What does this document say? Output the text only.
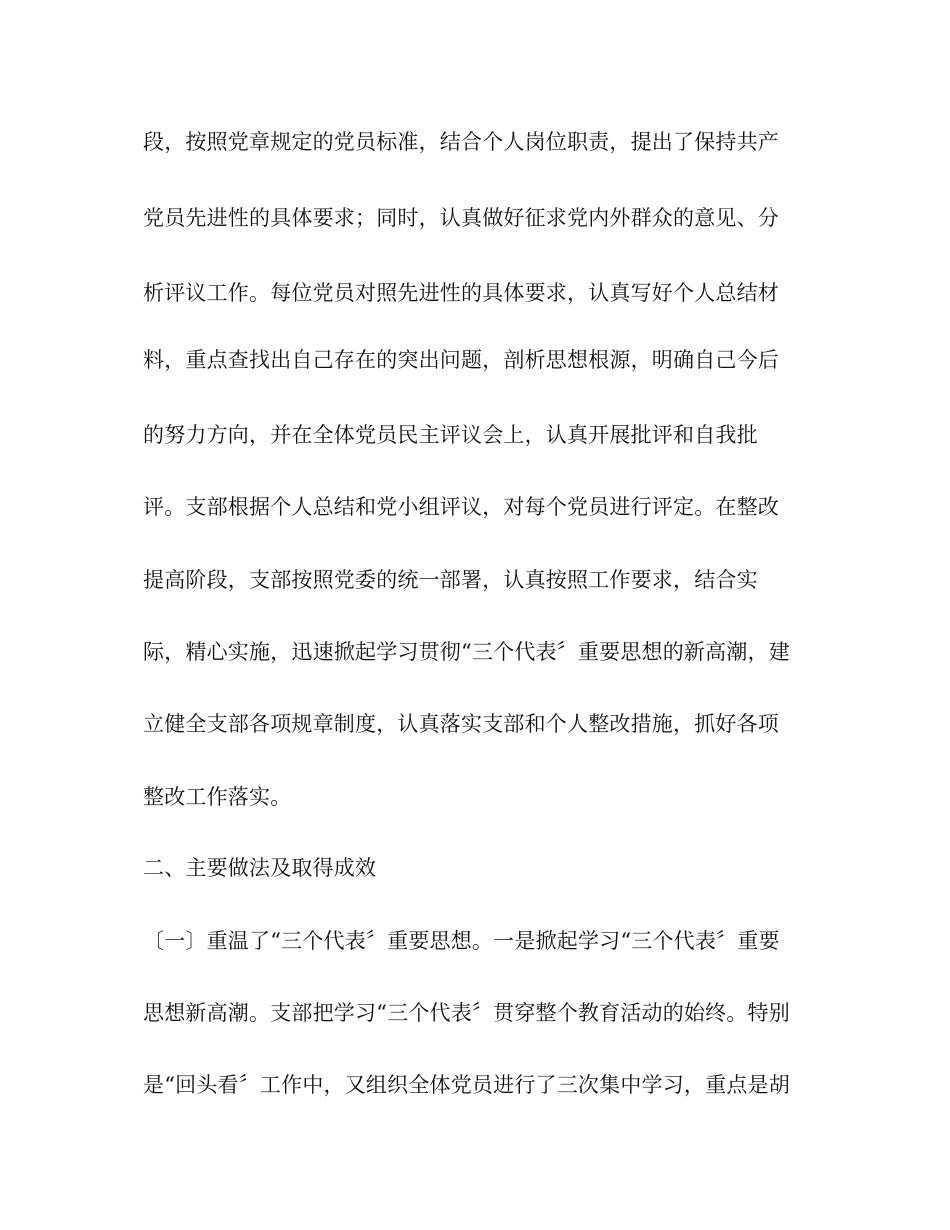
段，按照党章规定的党员标准，结合个人岗位职责，提出了保持共产
党员先进性的具体要求；同时，认真做好征求党内外群众的意见、分
析评议工作。每位党员对照先进性的具体要求，认真写好个人总结材
料，重点查找出自己存在的突出问题，剖析思想根源，明确自己今后
的努力方向，并在全体党员民主评议会上，认真开展批评和自我批
评。支部根据个人总结和党小组评议，对每个党员进行评定。在整改
提高阶段，支部按照党委的统一部署，认真按照工作要求，结合实
际，精心实施，迅速掀起学习贯彻“三个代表〞重要思想的新高潮，建
立健全支部各项规章制度，认真落实支部和个人整改措施，抓好各项
整改工作落实。
二、主要做法及取得成效
〔一〕重温了“三个代表〞重要思想。一是掀起学习“三个代表〞重要
思想新高潮。支部把学习“三个代表〞贯穿整个教育活动的始终。特别
是“回头看〞工作中，又组织全体党员进行了三次集中学习，重点是胡
